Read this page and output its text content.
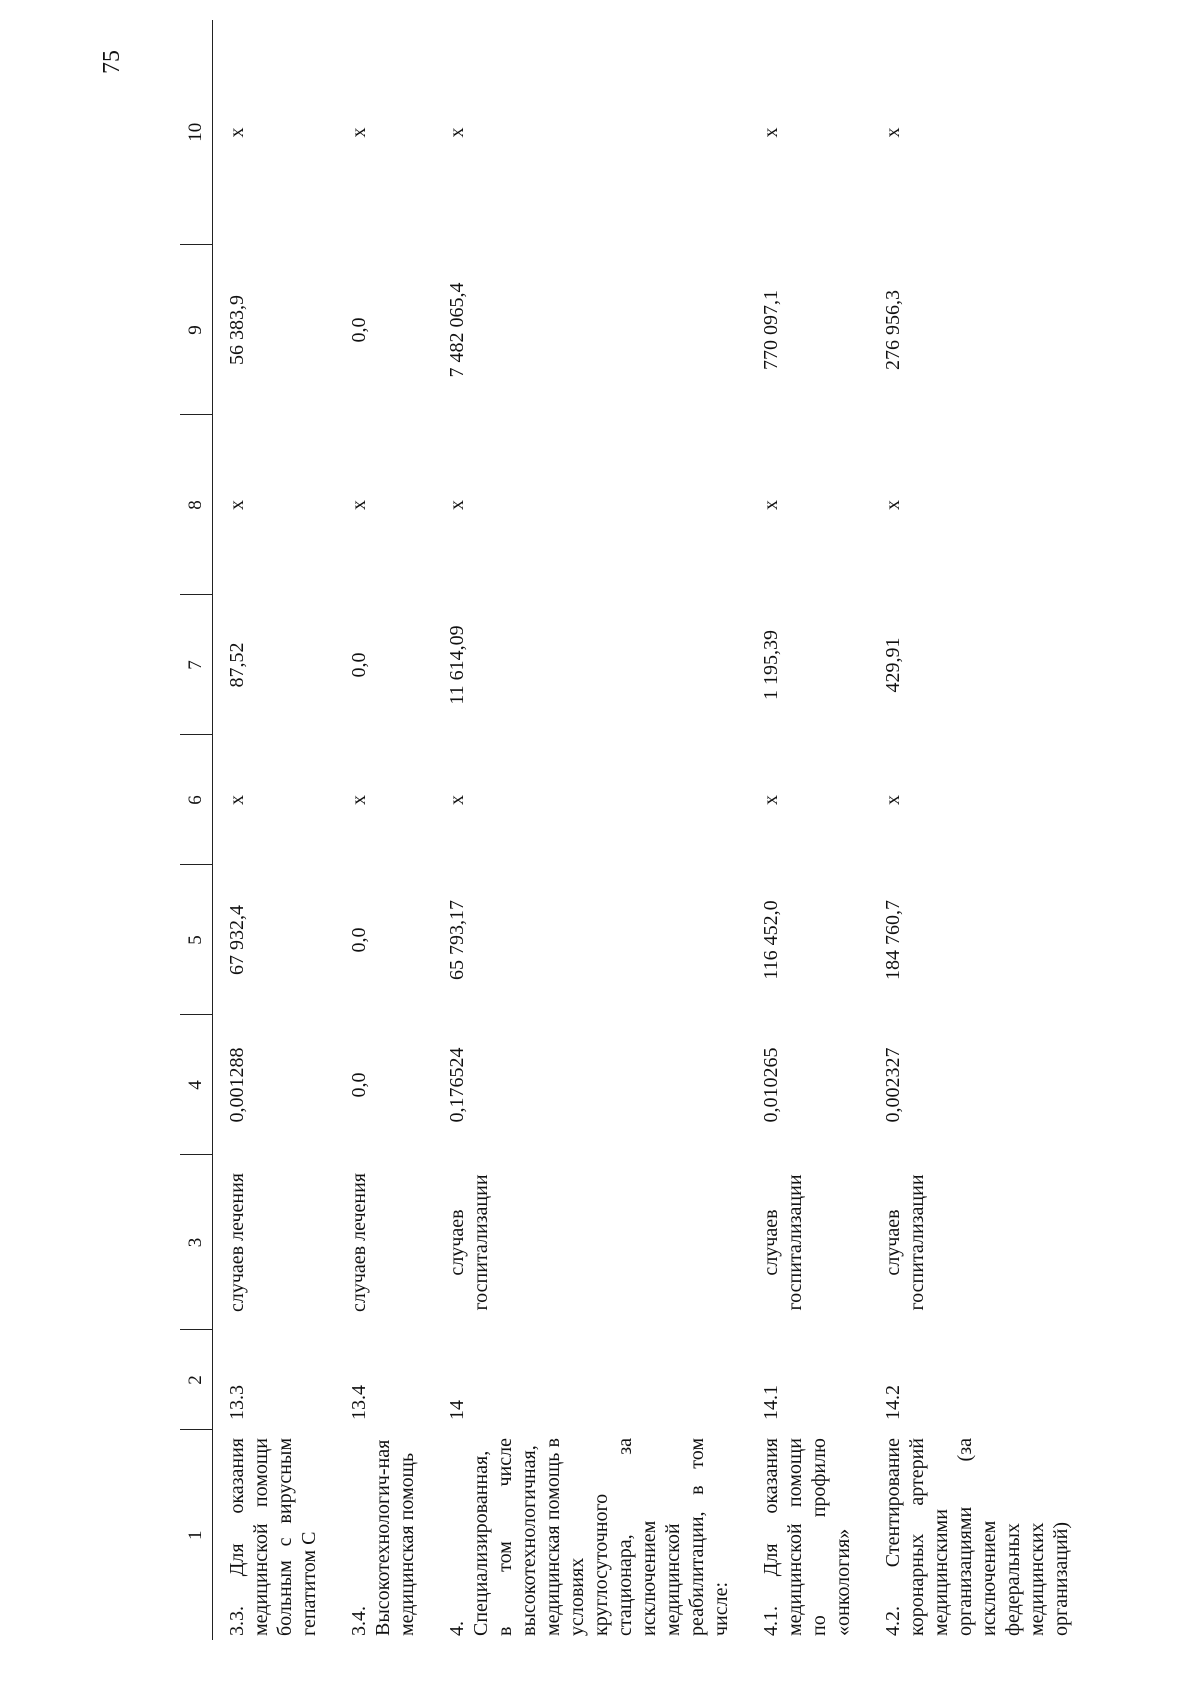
75
1	2	3	4	5	6	7	8	9	10
3.3. Для оказания медицинской помощи больным с вирусным гепатитом С	13.3	случаев лечения	0,001288	67 932,4	x	87,52	x	56 383,9	x
3.4. Высокотехнологич-ная медицинская помощь	13.4	случаев лечения	0,0	0,0	x	0,0	x	0,0	x
4. Специализированная, в том числе высокотехнологичная, медицинская помощь в условиях круглосуточного стационара, за исключением медицинской реабилитации, в том числе:	14	случаев госпитализации	0,176524	65 793,17	x	11 614,09	x	7 482 065,4	x
4.1. Для оказания медицинской помощи по профилю «онкология»	14.1	случаев госпитализации	0,010265	116 452,0	x	1 195,39	x	770 097,1	x
4.2. Стентирование коронарных артерий медицинскими организациями (за исключением федеральных медицинских организаций)	14.2	случаев госпитализации	0,002327	184 760,7	x	429,91	x	276 956,3	x
